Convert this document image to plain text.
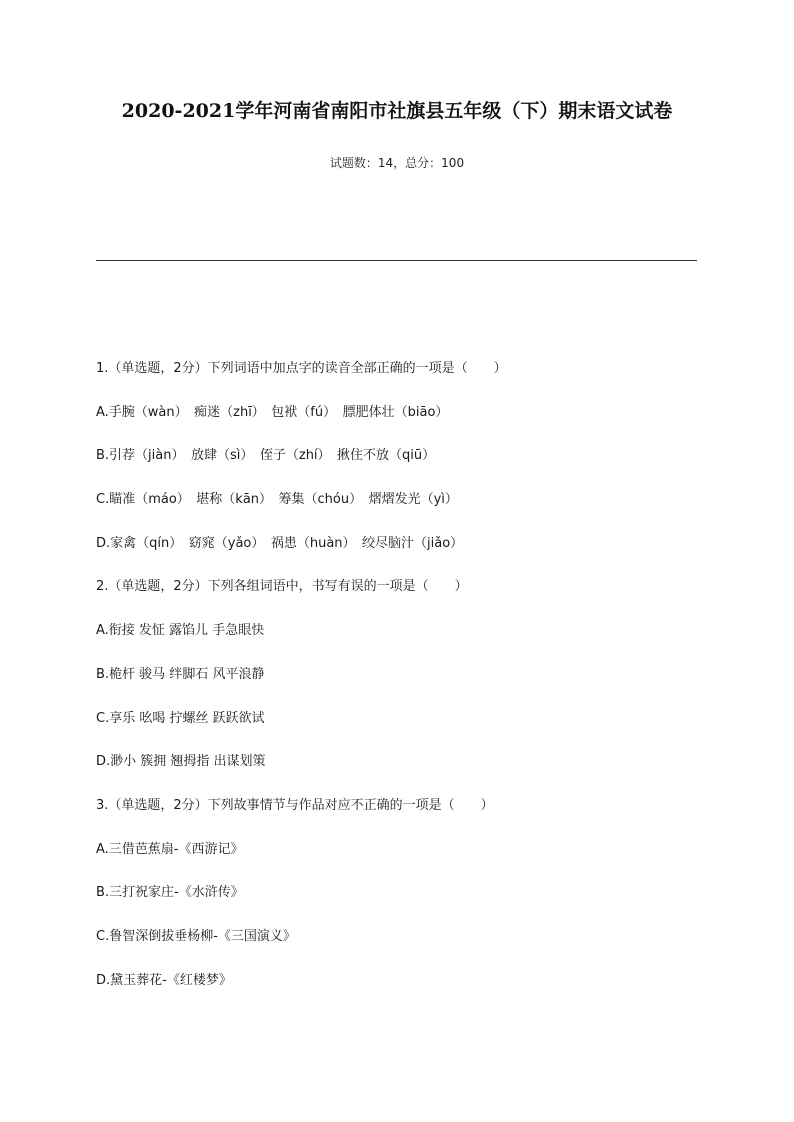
2020-2021学年河南省南阳市社旗县五年级（下）期末语文试卷
试题数：14，总分：100
1.（单选题，2分）下列词语中加点字的读音全部正确的一项是（　　）
A.手腕（wàn）　痴迷（zhī）　包袱（fú）　膘肥体壮（biāo）
B.引荐（jiàn）　放肆（sì）　侄子（zhí）　揪住不放（qiū）
C.瞄准（máo）　堪称（kān）　筹集（chóu）　熠熠发光（yì）
D.家禽（qín）　窈窕（yǎo）　祸患（huàn）　绞尽脑汁（jiǎo）
2.（单选题，2分）下列各组词语中，书写有误的一项是（　　）
A.衔接 发怔 露馅儿 手急眼快
B.桅杆 骏马 绊脚石 风平浪静
C.享乐 吆喝 拧螺丝 跃跃欲试
D.渺小 簇拥 翘拇指 出谋划策
3.（单选题，2分）下列故事情节与作品对应不正确的一项是（　　）
A.三借芭蕉扇-《西游记》
B.三打祝家庄-《水浒传》
C.鲁智深倒拔垂杨柳-《三国演义》
D.黛玉葬花-《红楼梦》
